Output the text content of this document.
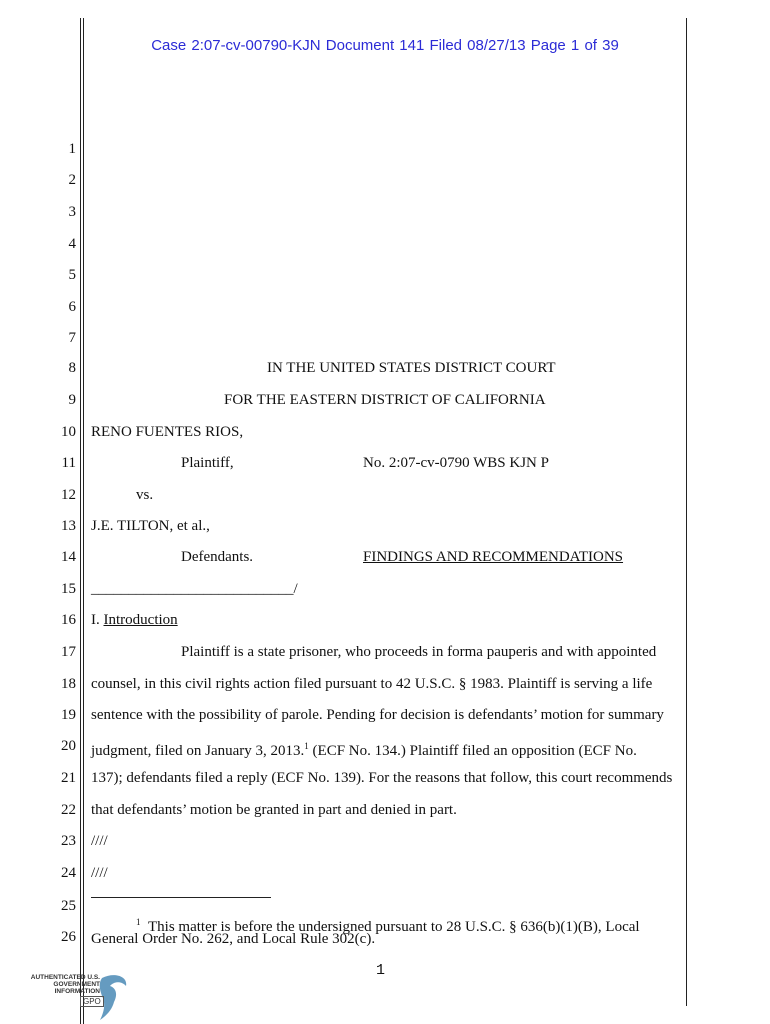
Case 2:07-cv-00790-KJN Document 141 Filed 08/27/13 Page 1 of 39
1
2
3
4
5
6
7
8
9
10
11
12
13
14
15
16
17
18
19
20
21
22
23
24
25
26
IN THE UNITED STATES DISTRICT COURT
FOR THE EASTERN DISTRICT OF CALIFORNIA
RENO FUENTES RIOS,
Plaintiff,	No. 2:07-cv-0790 WBS KJN P
vs.
J.E. TILTON, et al.,
Defendants.	FINDINGS AND RECOMMENDATIONS
___________________________/
I. Introduction
Plaintiff is a state prisoner, who proceeds in forma pauperis and with appointed
counsel, in this civil rights action filed pursuant to 42 U.S.C. § 1983. Plaintiff is serving a life
sentence with the possibility of parole. Pending for decision is defendants’ motion for summary
judgment, filed on January 3, 2013.$^1$ (ECF No. 134.) Plaintiff filed an opposition (ECF No.
137); defendants filed a reply (ECF No. 139). For the reasons that follow, this court recommends
that defendants’ motion be granted in part and denied in part.
////
////
$^1$ This matter is before the undersigned pursuant to 28 U.S.C. § 636(b)(1)(B), Local
General Order No. 262, and Local Rule 302(c).
1
AUTHENTICATED U.S. GOVERNMENT INFORMATION
GPO
